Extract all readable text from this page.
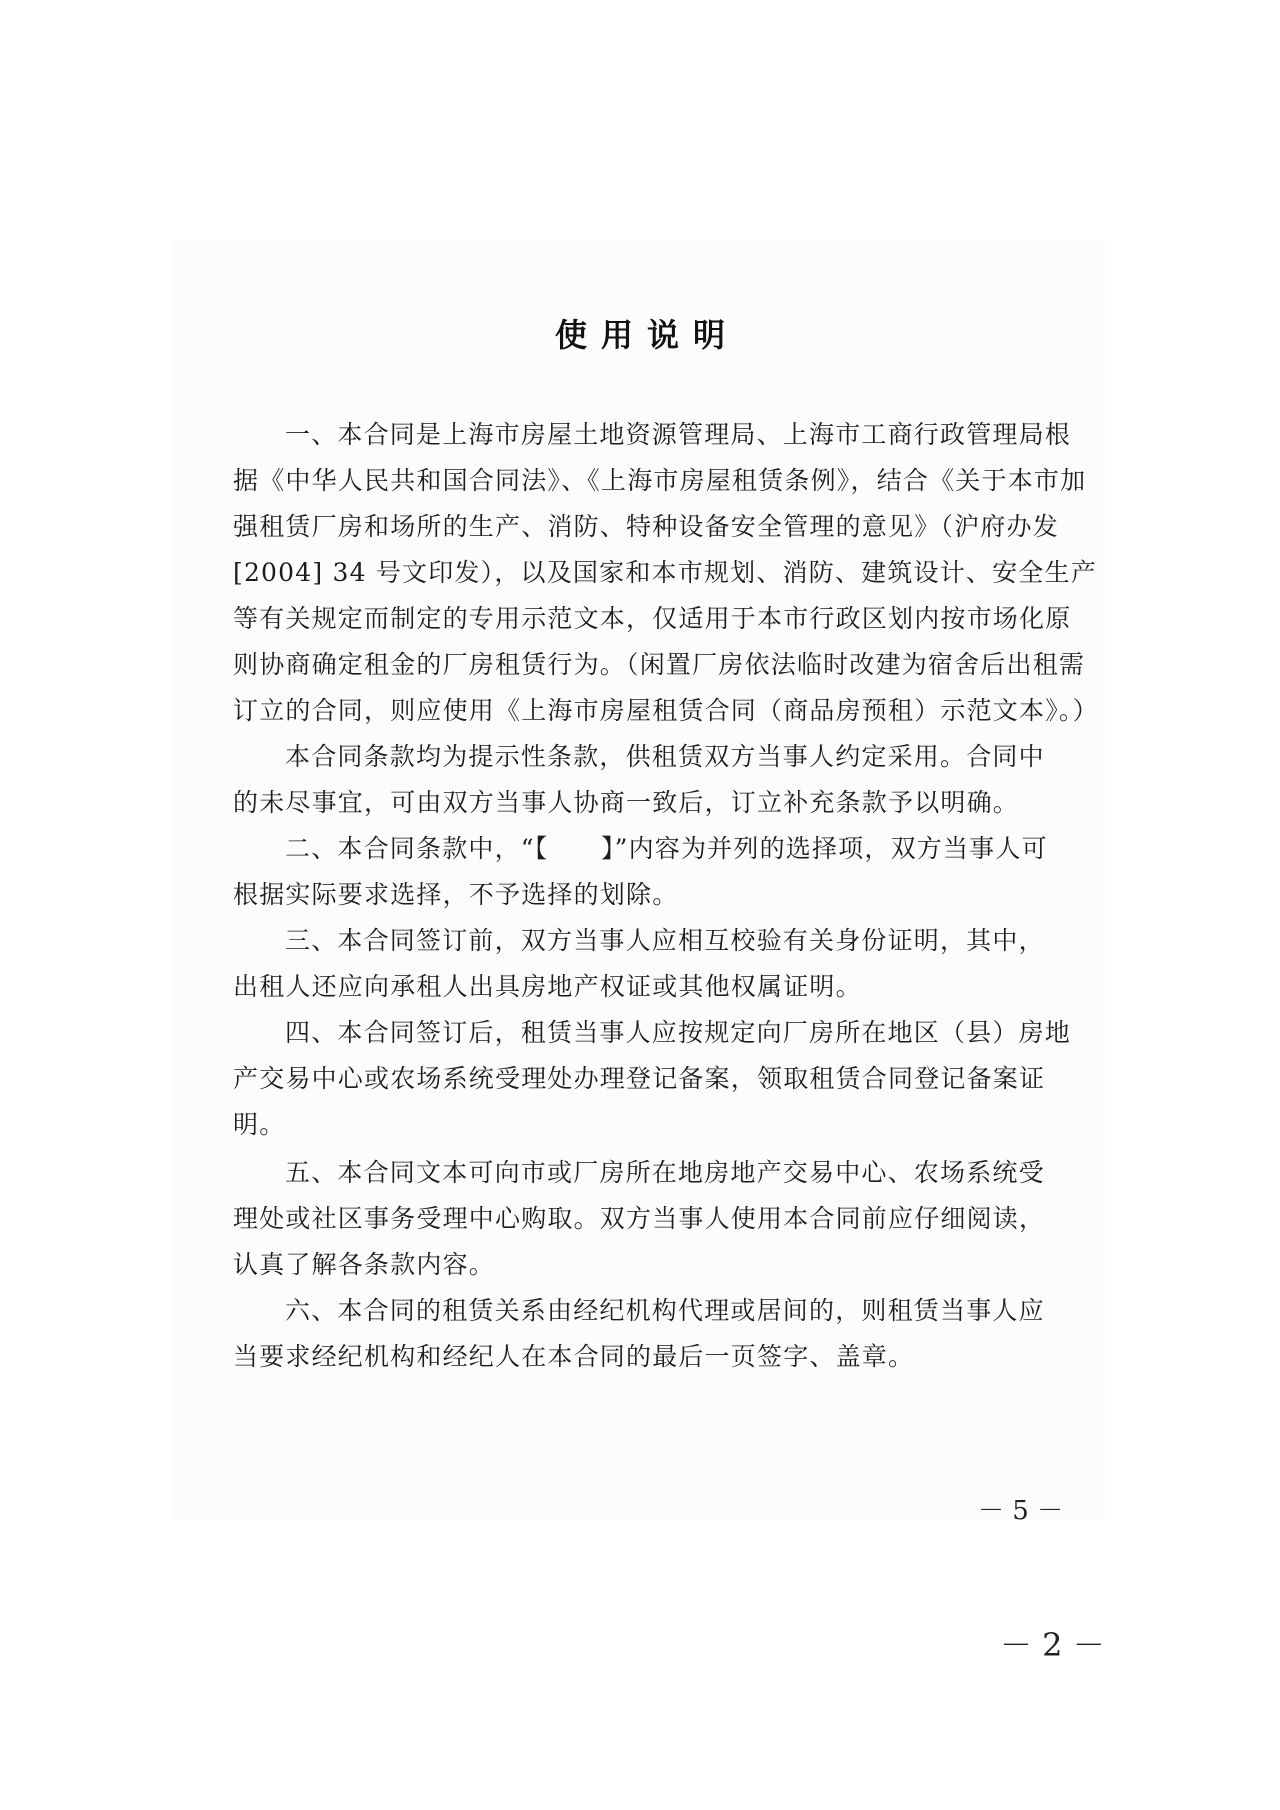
使用说明
一、本合同是上海市房屋土地资源管理局、上海市工商行政管理局根
据《中华人民共和国合同法》、《上海市房屋租赁条例》，结合《关于本市加
强租赁厂房和场所的生产、消防、特种设备安全管理的意见》（沪府办发
[2004] 34 号文印发），以及国家和本市规划、消防、建筑设计、安全生产
等有关规定而制定的专用示范文本，仅适用于本市行政区划内按市场化原
则协商确定租金的厂房租赁行为。（闲置厂房依法临时改建为宿舍后出租需
订立的合同，则应使用《上海市房屋租赁合同（商品房预租）示范文本》。）
本合同条款均为提示性条款，供租赁双方当事人约定采用。合同中
的未尽事宜，可由双方当事人协商一致后，订立补充条款予以明确。
二、本合同条款中，“【　　】”内容为并列的选择项，双方当事人可
根据实际要求选择，不予选择的划除。
三、本合同签订前，双方当事人应相互校验有关身份证明，其中，
出租人还应向承租人出具房地产权证或其他权属证明。
四、本合同签订后，租赁当事人应按规定向厂房所在地区（县）房地
产交易中心或农场系统受理处办理登记备案，领取租赁合同登记备案证
明。
五、本合同文本可向市或厂房所在地房地产交易中心、农场系统受
理处或社区事务受理中心购取。双方当事人使用本合同前应仔细阅读，
认真了解各条款内容。
六、本合同的租赁关系由经纪机构代理或居间的，则租赁当事人应
当要求经纪机构和经纪人在本合同的最后一页签字、盖章。
－ 5 －
－ 2 －
